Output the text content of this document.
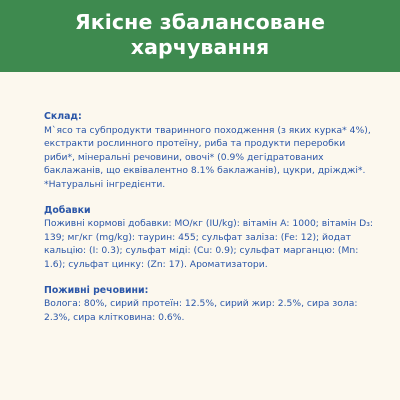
Якісне збалансоване харчування

Склад:

М`ясо та субпродукти тваринного походження (з яких курка* 4%), екстракти рослинного протеїну, риба та продукти переробки риби*, мінеральні речовини, овочі* (0.9% дегідратованих баклажанів, що еквівалентно 8.1% баклажанів), цукри, дріжджі*.

*Натуральні інгредієнти.

Добавки

Поживні кормові добавки: МО/кг (IU/kg): вітамін А: 1000; вітамін D₃: 139; мг/кг (mg/kg): таурин: 455; сульфат заліза: (Fe: 12); йодат кальцію: (I: 0.3); сульфат міді: (Cu: 0.9); сульфат марганцю: (Mn: 1.6); сульфат цинку: (Zn: 17). Ароматизатори.

Поживні речовини:

Волога: 80%, сирий протеїн: 12.5%, сирий жир: 2.5%, сира зола: 2.3%, сира клітковина: 0.6%.
